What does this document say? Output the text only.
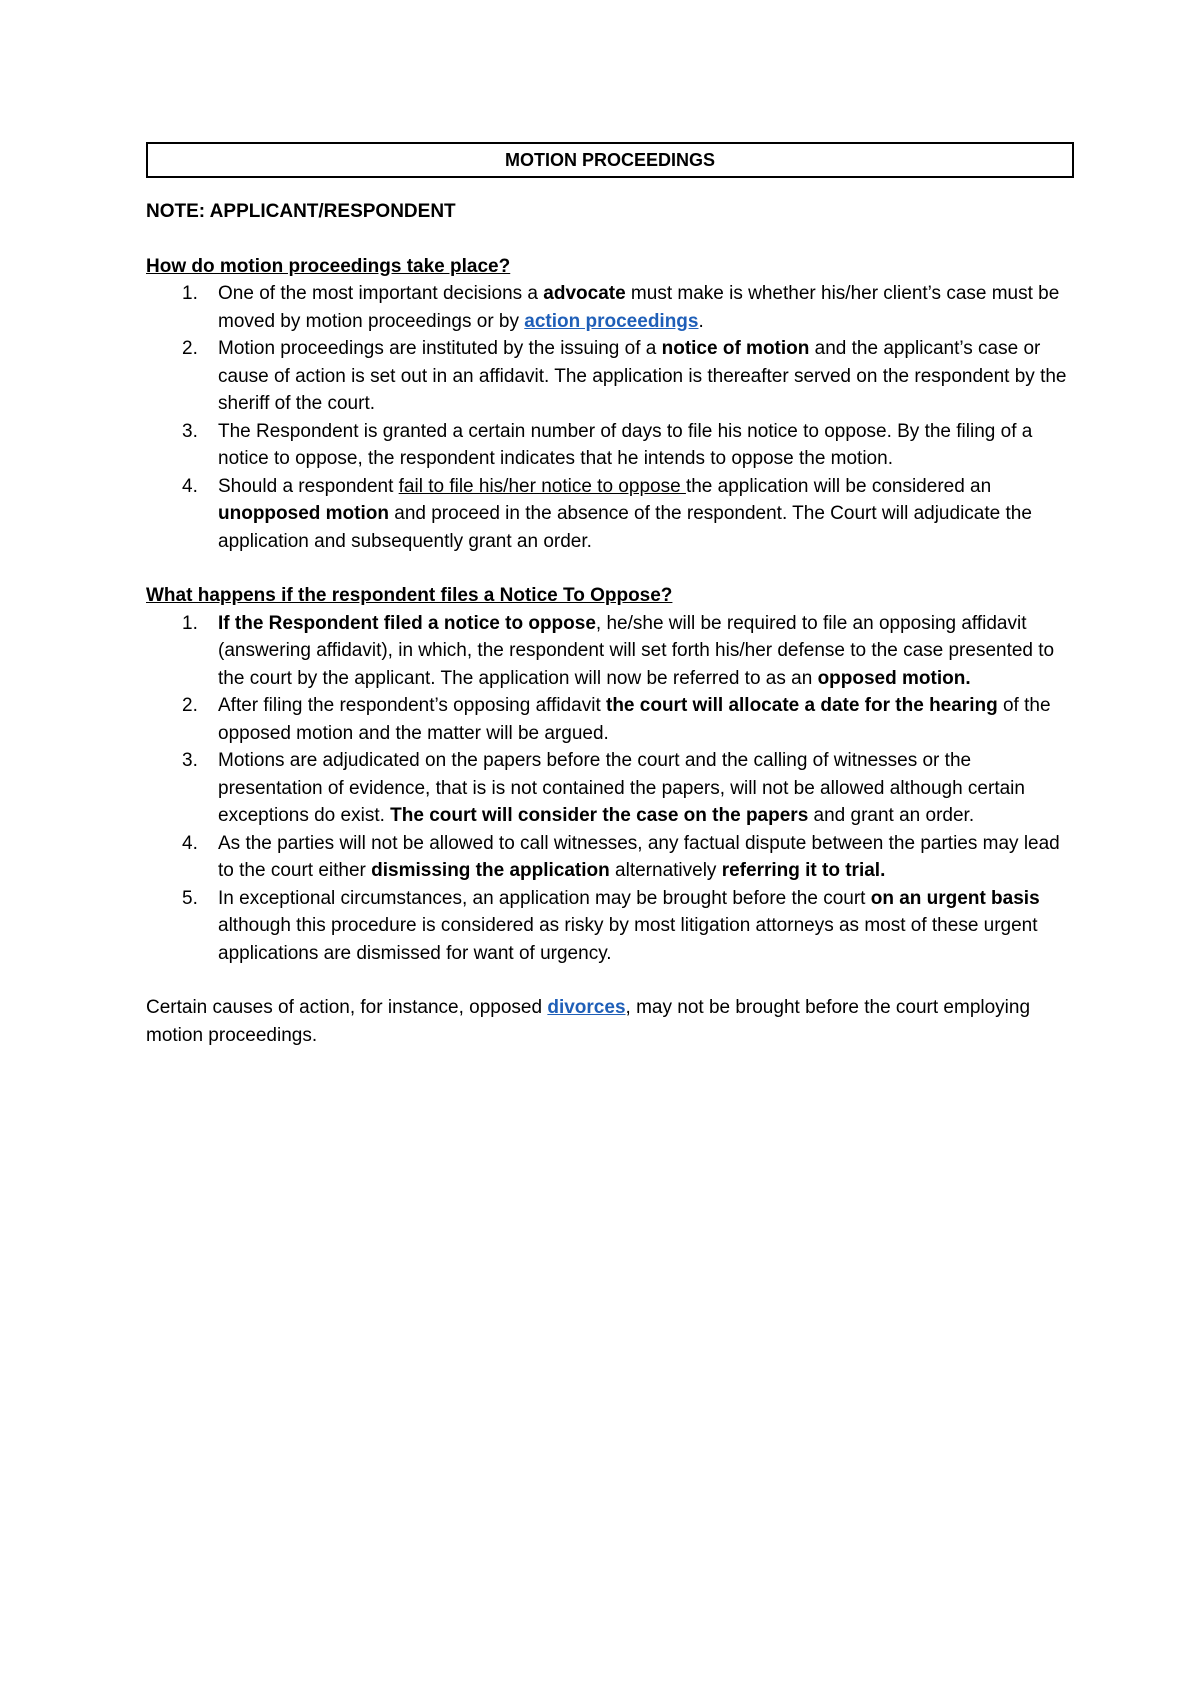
MOTION PROCEEDINGS
NOTE: APPLICANT/RESPONDENT
How do motion proceedings take place?
1. One of the most important decisions a advocate must make is whether his/her client’s case must be moved by motion proceedings or by action proceedings.
2. Motion proceedings are instituted by the issuing of a notice of motion and the applicant’s case or cause of action is set out in an affidavit. The application is thereafter served on the respondent by the sheriff of the court.
3. The Respondent is granted a certain number of days to file his notice to oppose. By the filing of a notice to oppose, the respondent indicates that he intends to oppose the motion.
4. Should a respondent fail to file his/her notice to oppose the application will be considered an unopposed motion and proceed in the absence of the respondent. The Court will adjudicate the application and subsequently grant an order.
What happens if the respondent files a Notice To Oppose?
1. If the Respondent filed a notice to oppose, he/she will be required to file an opposing affidavit (answering affidavit), in which, the respondent will set forth his/her defense to the case presented to the court by the applicant. The application will now be referred to as an opposed motion.
2. After filing the respondent’s opposing affidavit the court will allocate a date for the hearing of the opposed motion and the matter will be argued.
3. Motions are adjudicated on the papers before the court and the calling of witnesses or the presentation of evidence, that is is not contained the papers, will not be allowed although certain exceptions do exist. The court will consider the case on the papers and grant an order.
4. As the parties will not be allowed to call witnesses, any factual dispute between the parties may lead to the court either dismissing the application alternatively referring it to trial.
5. In exceptional circumstances, an application may be brought before the court on an urgent basis although this procedure is considered as risky by most litigation attorneys as most of these urgent applications are dismissed for want of urgency.
Certain causes of action, for instance, opposed divorces, may not be brought before the court employing motion proceedings.
